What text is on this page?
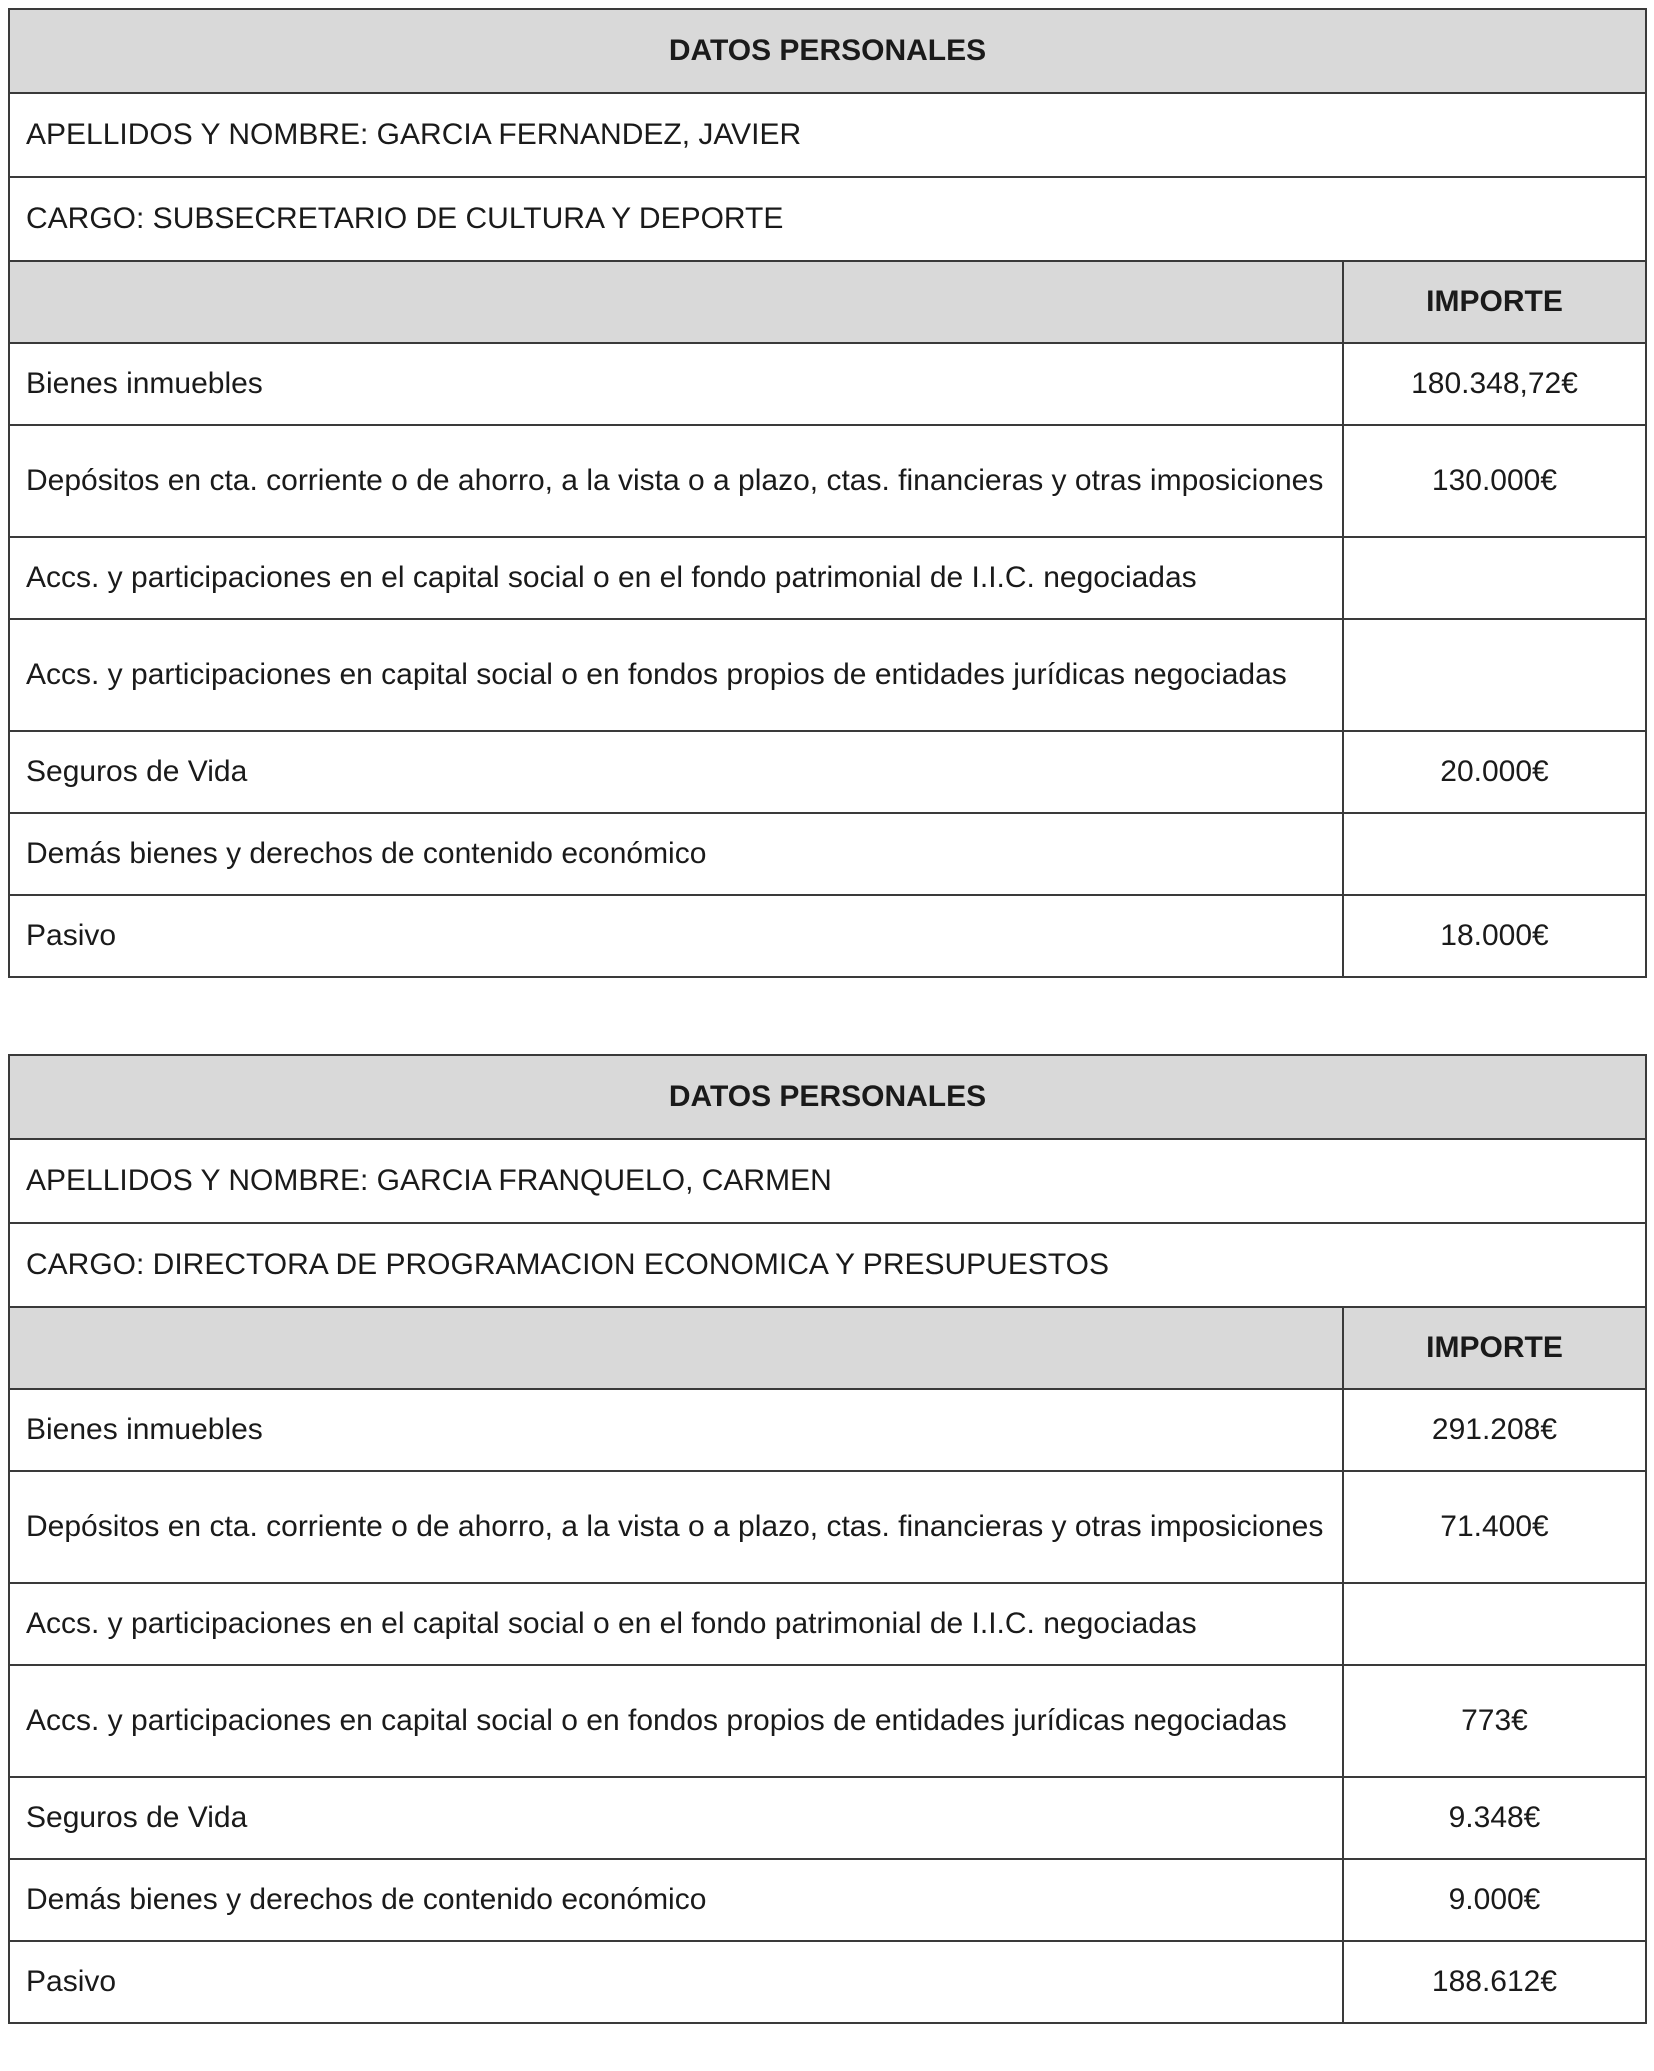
DATOS PERSONALES	
APELLIDOS Y NOMBRE: GARCIA FERNANDEZ, JAVIER	
CARGO: SUBSECRETARIO DE CULTURA Y DEPORTE	
	IMPORTE
Bienes inmuebles	180.348,72€
Depósitos en cta. corriente o de ahorro, a la vista o a plazo, ctas. financieras y otras imposiciones	130.000€
Accs. y participaciones en el capital social o en el fondo patrimonial de I.I.C. negociadas	
Accs. y participaciones en capital social o en fondos propios de entidades jurídicas negociadas	
Seguros de Vida	20.000€
Demás bienes y derechos de contenido económico	
Pasivo	18.000€
DATOS PERSONALES	
APELLIDOS Y NOMBRE: GARCIA FRANQUELO, CARMEN	
CARGO: DIRECTORA DE PROGRAMACION ECONOMICA Y PRESUPUESTOS	
	IMPORTE
Bienes inmuebles	291.208€
Depósitos en cta. corriente o de ahorro, a la vista o a plazo, ctas. financieras y otras imposiciones	71.400€
Accs. y participaciones en el capital social o en el fondo patrimonial de I.I.C. negociadas	
Accs. y participaciones en capital social o en fondos propios de entidades jurídicas negociadas	773€
Seguros de Vida	9.348€
Demás bienes y derechos de contenido económico	9.000€
Pasivo	188.612€
